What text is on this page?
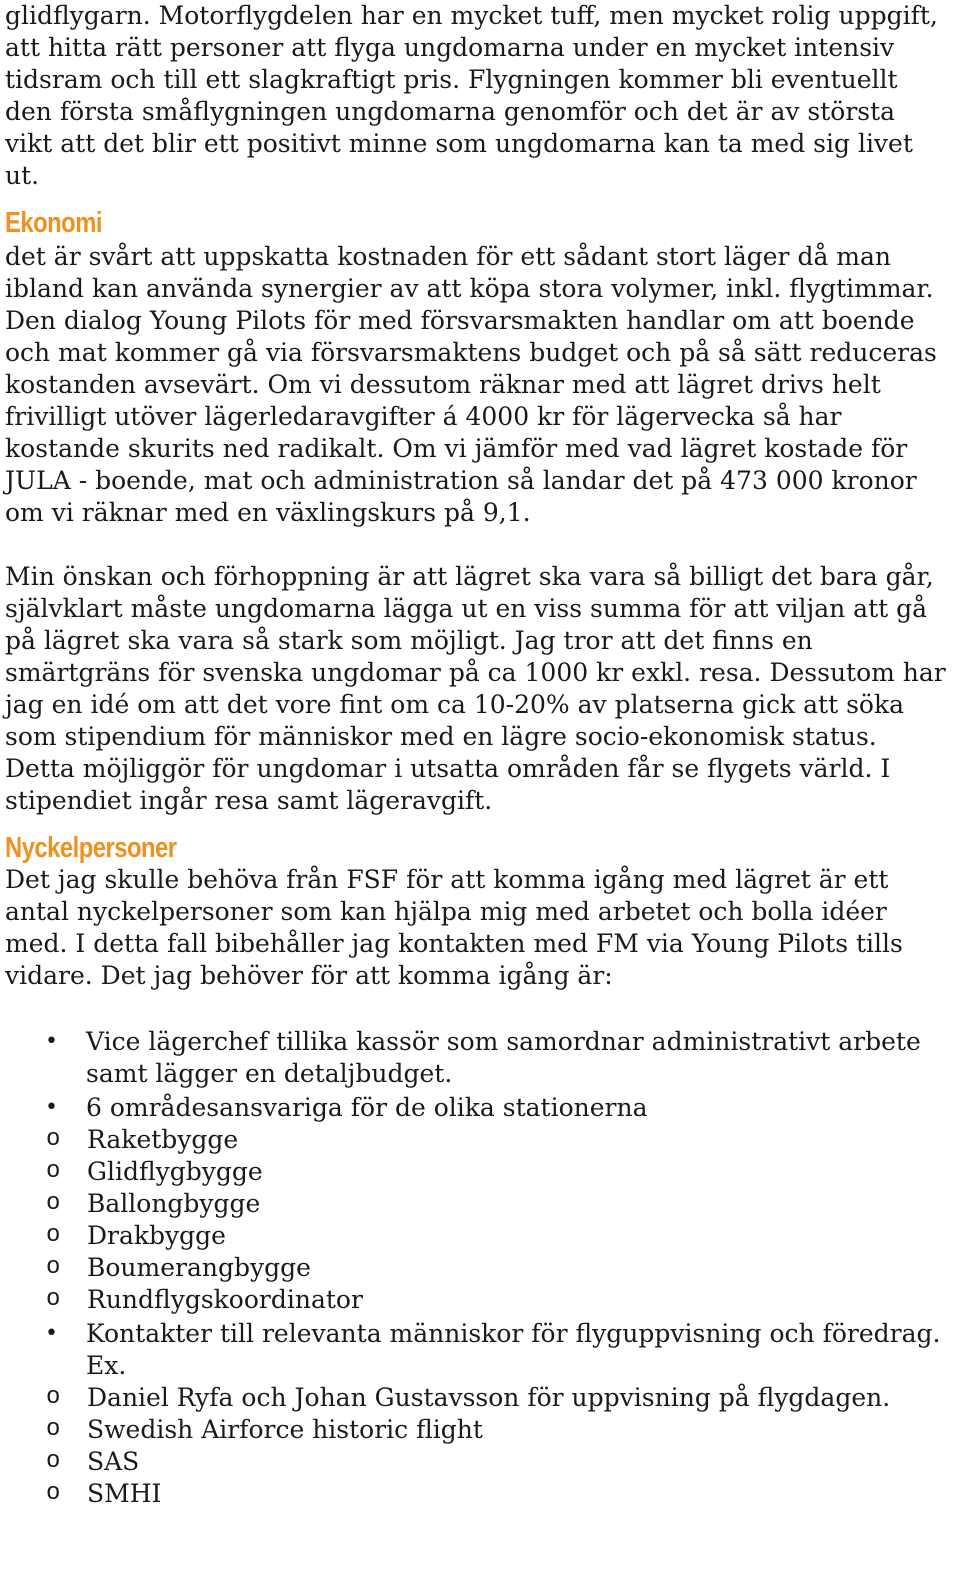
glidflygarn. Motorflygdelen har en mycket tuff, men mycket rolig uppgift, att hitta rätt personer att flyga ungdomarna under en mycket intensiv tidsram och till ett slagkraftigt pris. Flygningen kommer bli eventuellt den första småflygningen ungdomarna genomför och det är av största vikt att det blir ett positivt minne som ungdomarna kan ta med sig livet ut.

Ekonomi

det är svårt att uppskatta kostnaden för ett sådant stort läger då man ibland kan använda synergier av att köpa stora volymer, inkl. flygtimmar. Den dialog Young Pilots för med försvarsmakten handlar om att boende och mat kommer gå via försvarsmaktens budget och på så sätt reduceras kostanden avsevärt. Om vi dessutom räknar med att lägret drivs helt frivilligt utöver lägerledaravgifter á 4000 kr för lägervecka så har kostande skurits ned radikalt. Om vi jämför med vad lägret kostade för JULA - boende, mat och administration så landar det på 473 000 kronor om vi räknar med en växlingskurs på 9,1.

Min önskan och förhoppning är att lägret ska vara så billigt det bara går, självklart måste ungdomarna lägga ut en viss summa för att viljan att gå på lägret ska vara så stark som möjligt. Jag tror att det finns en smärtgräns för svenska ungdomar på ca 1000 kr exkl. resa. Dessutom har jag en idé om att det vore fint om ca 10-20% av platserna gick att söka som stipendium för människor med en lägre socio-ekonomisk status. Detta möjliggör för ungdomar i utsatta områden får se flygets värld. I stipendiet ingår resa samt lägeravgift.

Nyckelpersoner

Det jag skulle behöva från FSF för att komma igång med lägret är ett antal nyckelpersoner som kan hjälpa mig med arbetet och bolla idéer med. I detta fall bibehåller jag kontakten med FM via Young Pilots tills vidare. Det jag behöver för att komma igång är:

• Vice lägerchef tillika kassör som samordnar administrativt arbete samt lägger en detaljbudget.
• 6 områdesansvariga för de olika stationerna
o Raketbygge
o Glidflygbygge
o Ballongbygge
o Drakbygge
o Boumerangbygge
o Rundflygskoordinator
• Kontakter till relevanta människor för flyguppvisning och föredrag. Ex.
o Daniel Ryfa och Johan Gustavsson för uppvisning på flygdagen.
o Swedish Airforce historic flight
o SAS
o SMHI
